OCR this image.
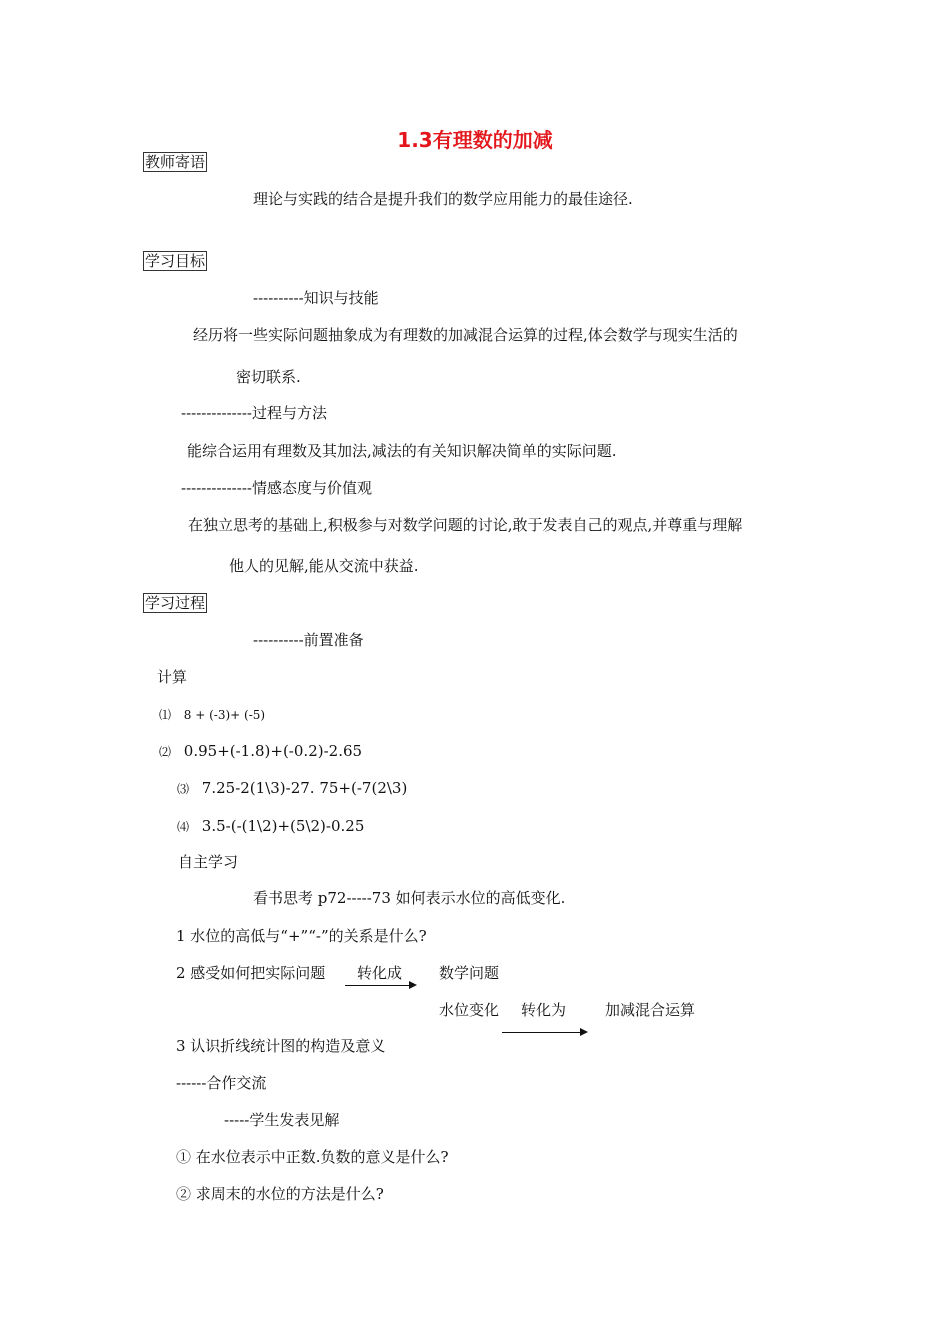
1.3有理数的加减
教师寄语
理论与实践的结合是提升我们的数学应用能力的最佳途径.
学习目标
----------知识与技能
经历将一些实际问题抽象成为有理数的加减混合运算的过程,体会数学与现实生活的
密切联系.
--------------过程与方法
能综合运用有理数及其加法,减法的有关知识解决简单的实际问题.
--------------情感态度与价值观
在独立思考的基础上,积极参与对数学问题的讨论,敢于发表自己的观点,并尊重与理解
他人的见解,能从交流中获益.
学习过程
----------前置准备
计算
⑴ 8 + (-3)+ (-5)
⑵ 0.95+(-1.8)+(-0.2)-2.65
⑶ 7.25-2(1\3)-27. 75+(-7(2\3)
⑷ 3.5-(-(1\2)+(5\2)-0.25
自主学习
看书思考 p72-----73 如何表示水位的高低变化.
1 水位的高低与“+”“-”的关系是什么?
2 感受如何把实际问题 转化成 数学问题
水位变化 转化为	加减混合运算
3 认识折线统计图的构造及意义
------合作交流
-----学生发表见解
① 在水位表示中正数.负数的意义是什么?
② 求周末的水位的方法是什么?
